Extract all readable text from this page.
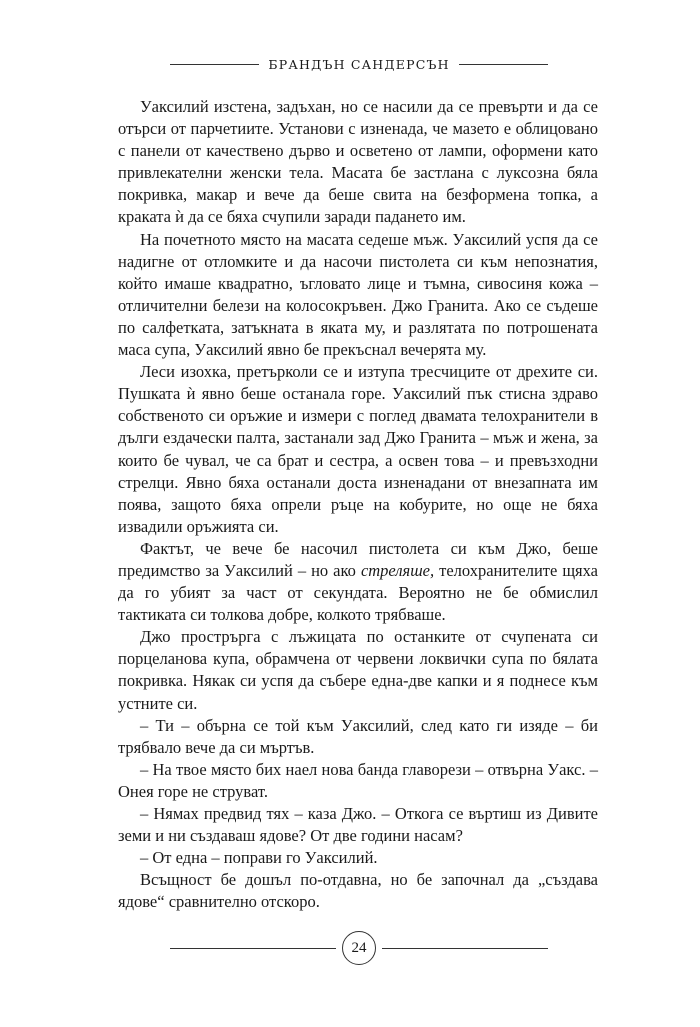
БРАНДЪН САНДЕРСЪН

Уаксилий изстена, задъхан, но се насили да се превърти и да се отърси от парчетиите. Установи с изненада, че мазето е облицовано с панели от качествено дърво и осветено от лампи, оформени като привлекателни женски тела. Масата бе застлана с луксозна бяла покривка, макар и вече да беше свита на безформена топка, а краката ѝ да се бяха счупили заради падането им.

На почетното място на масата седеше мъж. Уаксилий успя да се надигне от отломките и да насочи пистолета си към непознатия, който имаше квадратно, ъгловато лице и тъмна, сивосиня кожа – отличителни белези на колосокръвен. Джо Гранита. Ако се съдеше по салфетката, затъкната в яката му, и разлятата по потрошената маса супа, Уаксилий явно бе прекъснал вечерята му.

Леси изохка, претърколи се и изтупа тресчиците от дрехите си. Пушката ѝ явно беше останала горе. Уаксилий пък стисна здраво собственото си оръжие и измери с поглед двамата телохранители в дълги ездачески палта, застанали зад Джо Гранита – мъж и жена, за които бе чувал, че са брат и сестра, а освен това – и превъзходни стрелци. Явно бяха останали доста изненадани от внезапната им поява, защото бяха опрели ръце на кобурите, но още не бяха извадили оръжията си.

Фактът, че вече бе насочил пистолета си към Джо, беше предимство за Уаксилий – но ако стреляше, телохранителите щяха да го убият за част от секундата. Вероятно не бе обмислил тактиката си толкова добре, колкото трябваше.

Джо прострърга с лъжицата по останките от счупената си порцеланова купа, обрамчена от червени локвички супа по бялата покривка. Някак си успя да събере една-две капки и я поднесе към устните си.

– Ти – обърна се той към Уаксилий, след като ги изяде – би трябвало вече да си мъртъв.

– На твое място бих наел нова банда главорези – отвърна Уакс. – Онея горе не струват.

– Нямах предвид тях – каза Джо. – Откога се въртиш из Дивите земи и ни създаваш ядове? От две години насам?

– От една – поправи го Уаксилий.

Всъщност бе дошъл по-отдавна, но бе започнал да „създава ядове“ сравнително отскоро.

24
